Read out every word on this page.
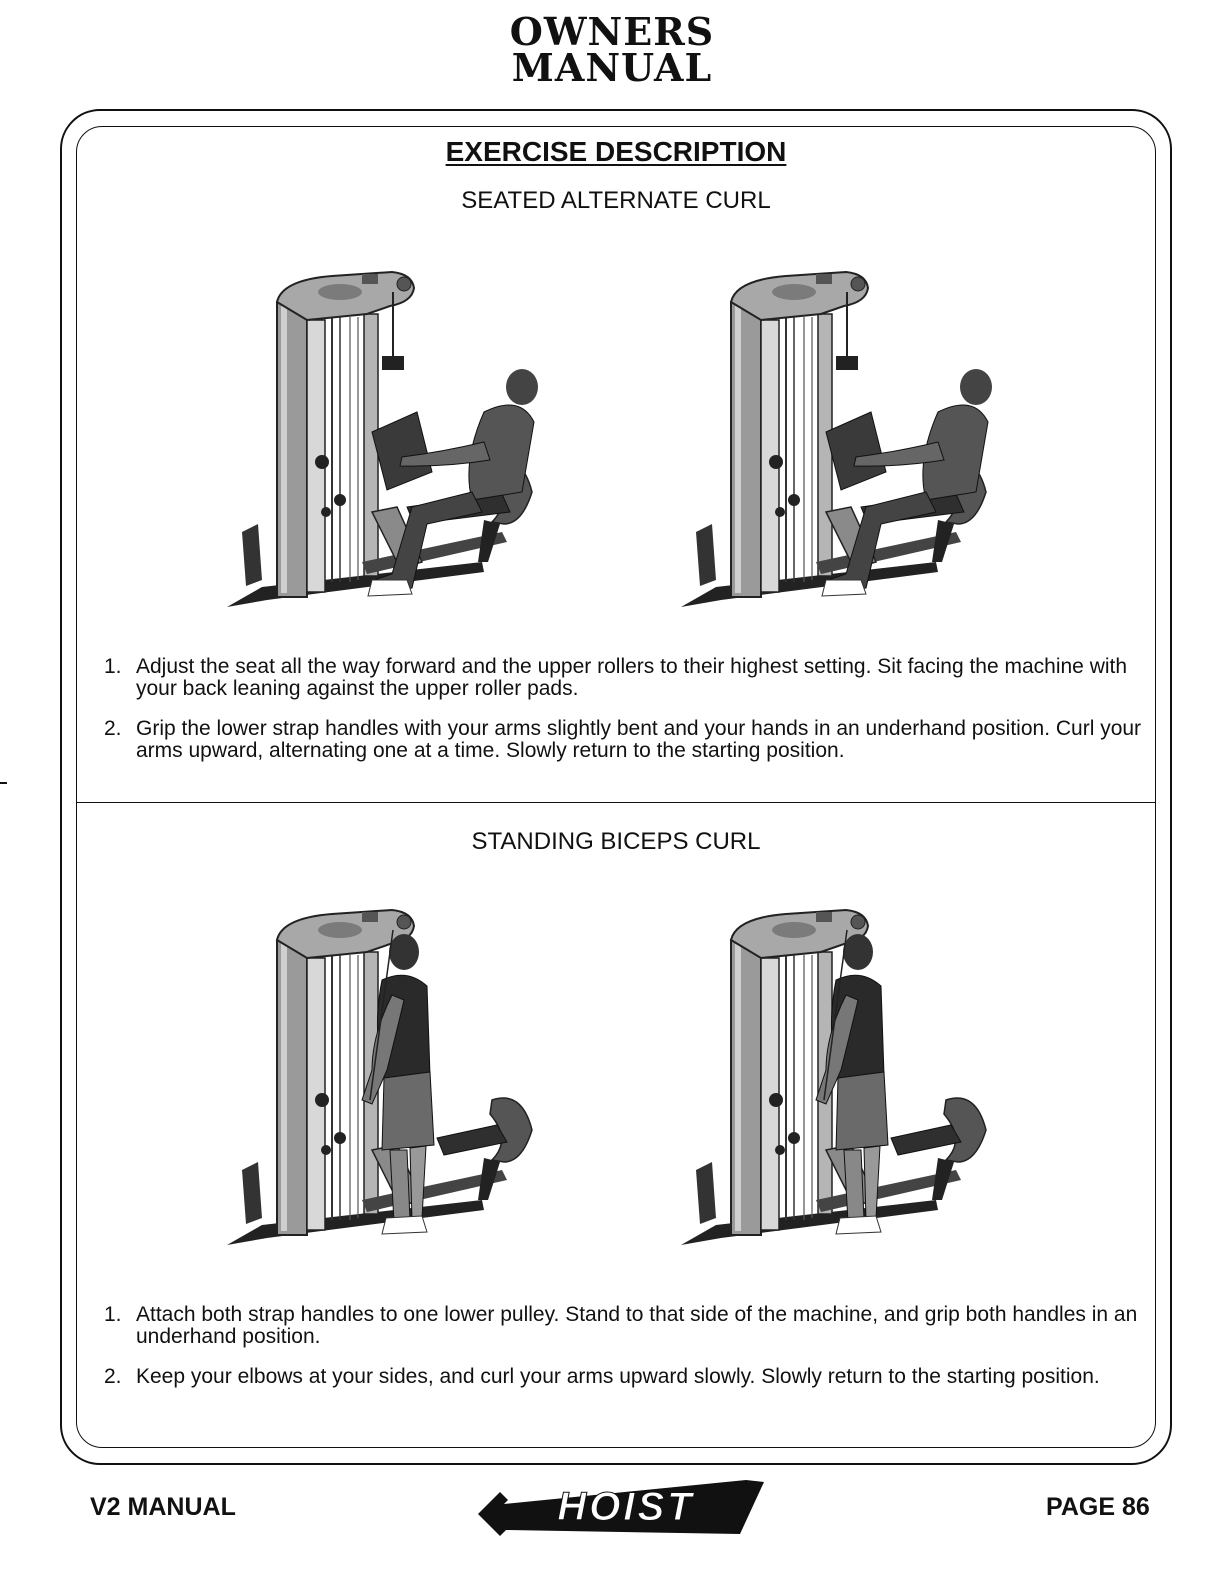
OWNERS
MANUAL
EXERCISE DESCRIPTION
SEATED ALTERNATE CURL
1. Adjust the seat all the way forward and the upper rollers to their highest setting. Sit facing the machine with your back leaning against the upper roller pads.
2. Grip the lower strap handles with your arms slightly bent and your hands in an underhand position. Curl your arms upward, alternating one at a time. Slowly return to the starting position.
STANDING BICEPS CURL
1. Attach both strap handles to one lower pulley. Stand to that side of the machine, and grip both handles in an underhand position.
2. Keep your elbows at your sides, and curl your arms upward slowly. Slowly return to the starting position.
V2 MANUAL	HOIST	PAGE 86
